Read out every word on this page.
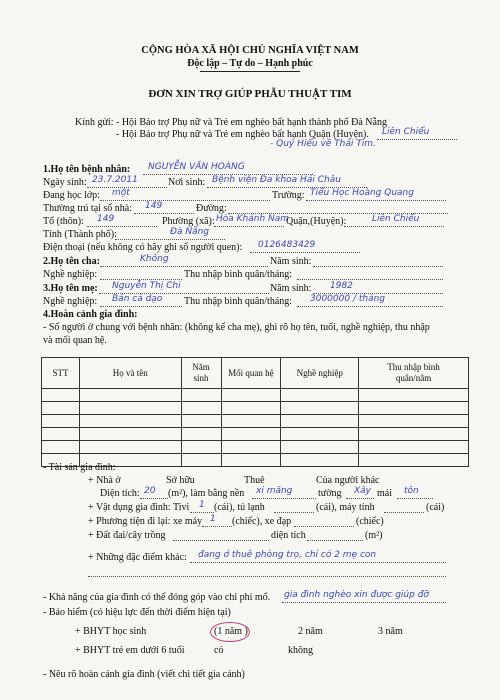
CỘNG HÒA XÃ HỘI CHỦ NGHĨA VIỆT NAM
Độc lập – Tự do – Hạnh phúc
ĐƠN XIN TRỢ GIÚP PHẪU THUẬT TIM
Kính gửi: - Hội Bảo trợ Phụ nữ và Trẻ em nghèo bất hạnh thành phố Đà Nẵng
- Hội Bảo trợ Phụ nữ và Trẻ em nghèo bất hạnh Quận (Huyện). Liên Chiểu
- Quý Hiểu về Thái Tim.
1.Họ tên bệnh nhân: NGUYỄN VĂN HOÀNG
Ngày sinh: 23.7.2011	Nơi sinh: Bệnh viện Đa khoa Hải Châu
Đang học lớp: một	Trường: Tiểu Học Hoàng Quang
Thường trú tại số nhà: 149	Đường:
Tổ (thôn): 149	Phường (xã): Hòa Khánh Nam
Quận,(Huyện):	Liên Chiểu
Tỉnh (Thành phố):	Đà Nẵng
Điện thoại (nếu không có hãy ghi số người quen): 0126483429
2.Họ tên cha:	Không	Năm sinh:
Nghề nghiệp:	Thu nhập bình quân/tháng:
3.Họ tên mẹ: Nguyễn Thị Chi	Năm sinh: 1982
Nghề nghiệp: Bán cá dạo Thu nhập bình quân/tháng: 3000000 / tháng
4.Hoàn cảnh gia đình:
- Số người ở chung với bệnh nhân: (không kể cha mẹ), ghi rõ họ tên, tuổi, nghề nghiệp, thu nhập
và mối quan hệ.
STT	Họ và tên	Năm sinh	Mối quan hệ	Nghề nghiệp	Thu nhập bình quân/năm

- Tài sản gia đình:
+ Nhà ở	Sở hữu	Thuê	Của người khác
Diện tích: 20 (m²), làm bằng nền xi măng	tường Xây mái tôn
+ Vật dụng gia đình: Tivi 1 (cái), tủ lạnh	(cái), máy tính	(cái)
+ Phương tiện đi lại: xe máy 1 (chiếc), xe đạp	(chiếc)
+ Đất đai/cây trồng	diện tích	(m²)
+ Những đặc điểm khác: đang ở thuê phòng trọ, chỉ có 2 mẹ con
- Khả năng của gia đình có thể đóng góp vào chi phí mổ. gia đình nghèo xin được giúp đỡ
- Bảo hiểm (có hiệu lực đến thời điểm hiện tại)
+ BHYT học sinh	(1 năm )	2 năm	3 năm
+ BHYT trẻ em dưới 6 tuổi	có	không
- Nêu rõ hoàn cảnh gia đình (viết chi tiết gia cảnh)
